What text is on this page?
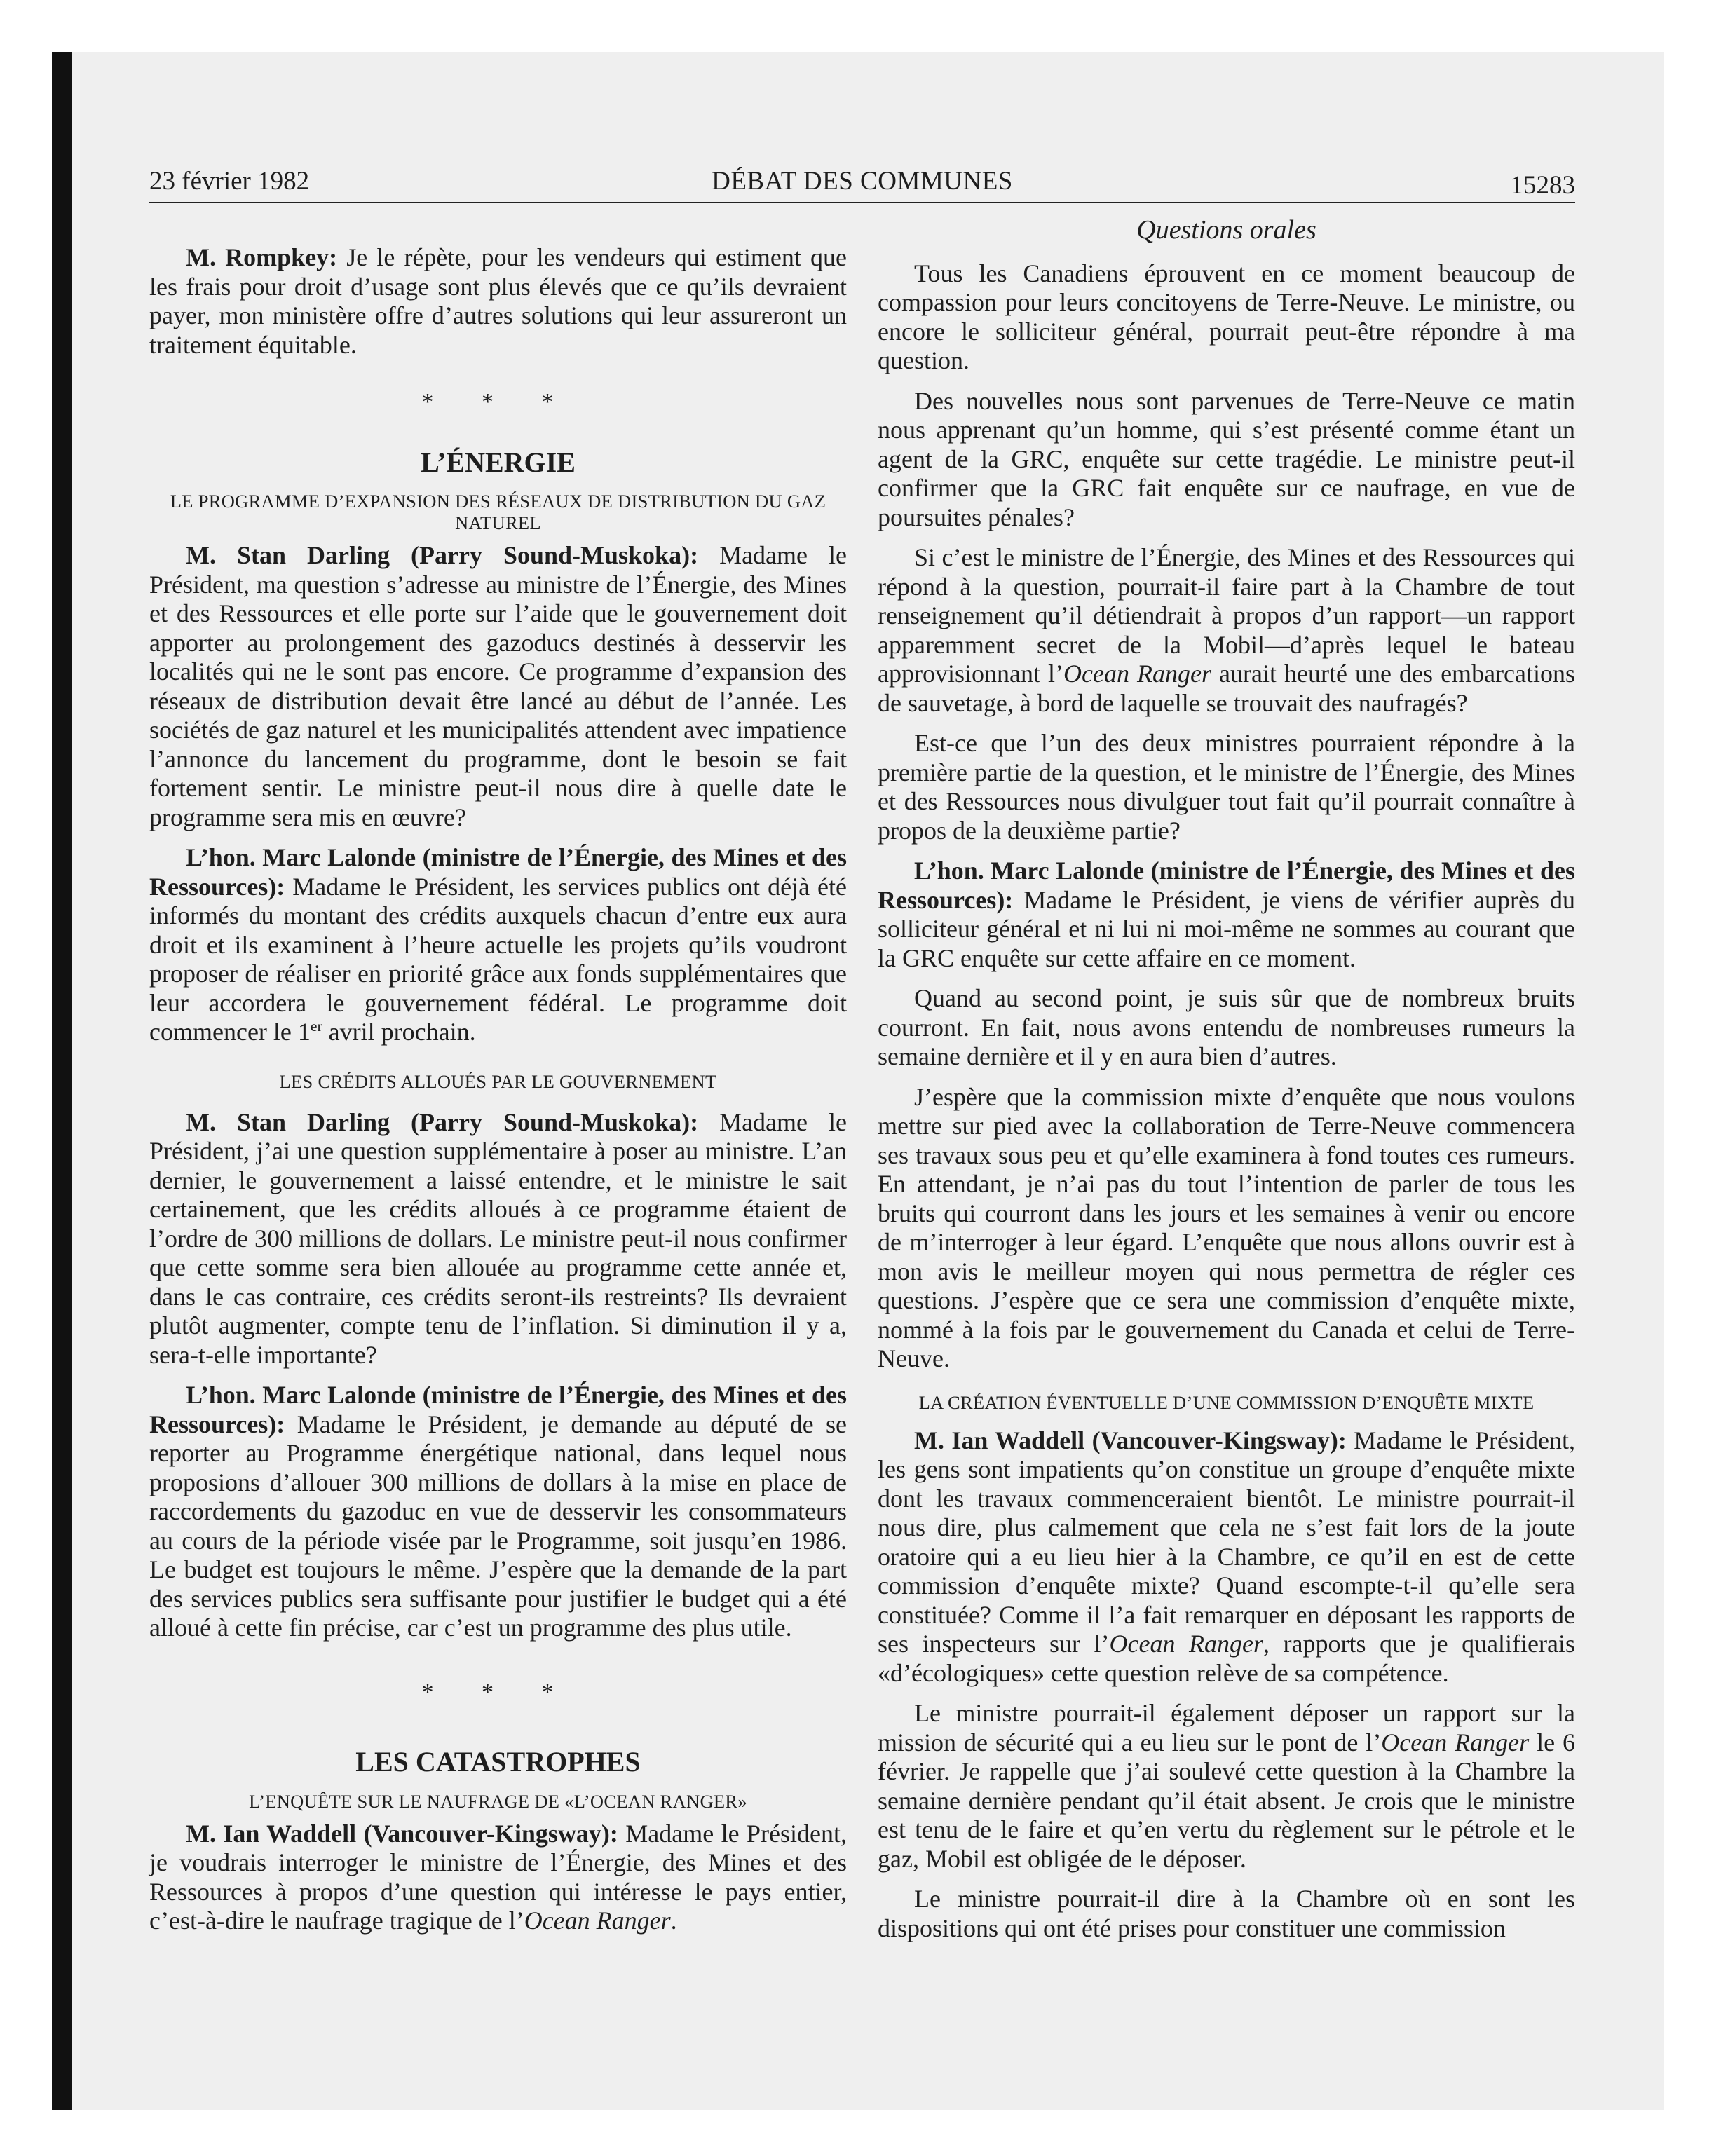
23 février 1982	DÉBAT DES COMMUNES	15283

M. Rompkey: Je le répète, pour les vendeurs qui estiment que les frais pour droit d’usage sont plus élevés que ce qu’ils devraient payer, mon ministère offre d’autres solutions qui leur assureront un traitement équitable.

* * *
L’ÉNERGIE
LE PROGRAMME D’EXPANSION DES RÉSEAUX DE DISTRIBUTION DU GAZ NATUREL

M. Stan Darling (Parry Sound-Muskoka): Madame le Président, ma question s’adresse au ministre de l’Énergie, des Mines et des Ressources et elle porte sur l’aide que le gouvernement doit apporter au prolongement des gazoducs destinés à desservir les localités qui ne le sont pas encore. Ce programme d’expansion des réseaux de distribution devait être lancé au début de l’année. Les sociétés de gaz naturel et les municipalités attendent avec impatience l’annonce du lancement du programme, dont le besoin se fait fortement sentir. Le ministre peut-il nous dire à quelle date le programme sera mis en œuvre?

L’hon. Marc Lalonde (ministre de l’Énergie, des Mines et des Ressources): Madame le Président, les services publics ont déjà été informés du montant des crédits auxquels chacun d’entre eux aura droit et ils examinent à l’heure actuelle les projets qu’ils voudront proposer de réaliser en priorité grâce aux fonds supplémentaires que leur accordera le gouvernement fédéral. Le programme doit commencer le 1er avril prochain.

LES CRÉDITS ALLOUÉS PAR LE GOUVERNEMENT

M. Stan Darling (Parry Sound-Muskoka): Madame le Président, j’ai une question supplémentaire à poser au ministre. L’an dernier, le gouvernement a laissé entendre, et le ministre le sait certainement, que les crédits alloués à ce programme étaient de l’ordre de 300 millions de dollars. Le ministre peut-il nous confirmer que cette somme sera bien allouée au programme cette année et, dans le cas contraire, ces crédits seront-ils restreints? Ils devraient plutôt augmenter, compte tenu de l’inflation. Si diminution il y a, sera-t-elle importante?

L’hon. Marc Lalonde (ministre de l’Énergie, des Mines et des Ressources): Madame le Président, je demande au député de se reporter au Programme énergétique national, dans lequel nous proposions d’allouer 300 millions de dollars à la mise en place de raccordements du gazoduc en vue de desservir les consommateurs au cours de la période visée par le Programme, soit jusqu’en 1986. Le budget est toujours le même. J’espère que la demande de la part des services publics sera suffisante pour justifier le budget qui a été alloué à cette fin précise, car c’est un programme des plus utile.

* * *
LES CATASTROPHES
L’ENQUÊTE SUR LE NAUFRAGE DE «L’OCEAN RANGER»

M. Ian Waddell (Vancouver-Kingsway): Madame le Président, je voudrais interroger le ministre de l’Énergie, des Mines et des Ressources à propos d’une question qui intéresse le pays entier, c’est-à-dire le naufrage tragique de l’Ocean Ranger.

Questions orales

Tous les Canadiens éprouvent en ce moment beaucoup de compassion pour leurs concitoyens de Terre-Neuve. Le ministre, ou encore le solliciteur général, pourrait peut-être répondre à ma question.

Des nouvelles nous sont parvenues de Terre-Neuve ce matin nous apprenant qu’un homme, qui s’est présenté comme étant un agent de la GRC, enquête sur cette tragédie. Le ministre peut-il confirmer que la GRC fait enquête sur ce naufrage, en vue de poursuites pénales?

Si c’est le ministre de l’Énergie, des Mines et des Ressources qui répond à la question, pourrait-il faire part à la Chambre de tout renseignement qu’il détiendrait à propos d’un rapport—un rapport apparemment secret de la Mobil—d’après lequel le bateau approvisionnant l’Ocean Ranger aurait heurté une des embarcations de sauvetage, à bord de laquelle se trouvait des naufragés?

Est-ce que l’un des deux ministres pourraient répondre à la première partie de la question, et le ministre de l’Énergie, des Mines et des Ressources nous divulguer tout fait qu’il pourrait connaître à propos de la deuxième partie?

L’hon. Marc Lalonde (ministre de l’Énergie, des Mines et des Ressources): Madame le Président, je viens de vérifier auprès du solliciteur général et ni lui ni moi-même ne sommes au courant que la GRC enquête sur cette affaire en ce moment.

Quand au second point, je suis sûr que de nombreux bruits courront. En fait, nous avons entendu de nombreuses rumeurs la semaine dernière et il y en aura bien d’autres.

J’espère que la commission mixte d’enquête que nous voulons mettre sur pied avec la collaboration de Terre-Neuve commencera ses travaux sous peu et qu’elle examinera à fond toutes ces rumeurs. En attendant, je n’ai pas du tout l’intention de parler de tous les bruits qui courront dans les jours et les semaines à venir ou encore de m’interroger à leur égard. L’enquête que nous allons ouvrir est à mon avis le meilleur moyen qui nous permettra de régler ces questions. J’espère que ce sera une commission d’enquête mixte, nommé à la fois par le gouvernement du Canada et celui de Terre-Neuve.

LA CRÉATION ÉVENTUELLE D’UNE COMMISSION D’ENQUÊTE MIXTE

M. Ian Waddell (Vancouver-Kingsway): Madame le Président, les gens sont impatients qu’on constitue un groupe d’enquête mixte dont les travaux commenceraient bientôt. Le ministre pourrait-il nous dire, plus calmement que cela ne s’est fait lors de la joute oratoire qui a eu lieu hier à la Chambre, ce qu’il en est de cette commission d’enquête mixte? Quand escompte-t-il qu’elle sera constituée? Comme il l’a fait remarquer en déposant les rapports de ses inspecteurs sur l’Ocean Ranger, rapports que je qualifierais «d’écologiques» cette question relève de sa compétence.

Le ministre pourrait-il également déposer un rapport sur la mission de sécurité qui a eu lieu sur le pont de l’Ocean Ranger le 6 février. Je rappelle que j’ai soulevé cette question à la Chambre la semaine dernière pendant qu’il était absent. Je crois que le ministre est tenu de le faire et qu’en vertu du règlement sur le pétrole et le gaz, Mobil est obligée de le déposer.

Le ministre pourrait-il dire à la Chambre où en sont les dispositions qui ont été prises pour constituer une commission
